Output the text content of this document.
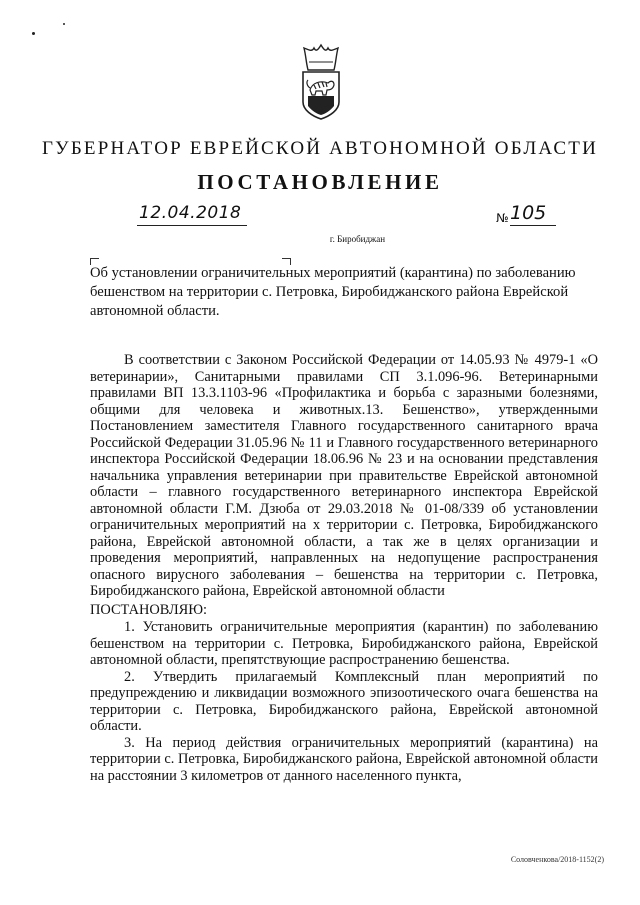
ГУБЕРНАТОР ЕВРЕЙСКОЙ АВТОНОМНОЙ ОБЛАСТИ
ПОСТАНОВЛЕНИЕ
12.04.2018	№ 105
г. Биробиджан
Об установлении ограничительных мероприятий (карантина) по заболеванию бешенством на территории с. Петровка, Биробиджанского района Еврейской автономной области.

В соответствии с Законом Российской Федерации от 14.05.93 № 4979-1 «О ветеринарии», Санитарными правилами СП 3.1.096-96. Ветеринарными правилами ВП 13.3.1103-96 «Профилактика и борьба с заразными болезнями, общими для человека и животных.13. Бешенство», утвержденными Постановлением заместителя Главного государственного санитарного врача Российской Федерации 31.05.96 № 11 и Главного государственного ветеринарного инспектора Российской Федерации 18.06.96 № 23 и на основании представления начальника управления ветеринарии при правительстве Еврейской автономной области – главного государственного ветеринарного инспектора Еврейской автономной области Г.М. Дзюба от 29.03.2018 № 01-08/339 об установлении ограничительных мероприятий на х территории с. Петровка, Биробиджанского района, Еврейской автономной области, а так же в целях организации и проведения мероприятий, направленных на недопущение распространения опасного вирусного заболевания – бешенства на территории с. Петровка, Биробиджанского района, Еврейской автономной области

ПОСТАНОВЛЯЮ:

1. Установить ограничительные мероприятия (карантин) по заболеванию бешенством на территории с. Петровка, Биробиджанского района, Еврейской автономной области, препятствующие распространению бешенства.

2. Утвердить прилагаемый Комплексный план мероприятий по предупреждению и ликвидации возможного эпизоотического очага бешенства на территории с. Петровка, Биробиджанского района, Еврейской автономной области.

3. На период действия ограничительных мероприятий (карантина) на территории с. Петровка, Биробиджанского района, Еврейской автономной области на расстоянии 3 километров от данного населенного пункта,

Соловченкова/2018-1152(2)
